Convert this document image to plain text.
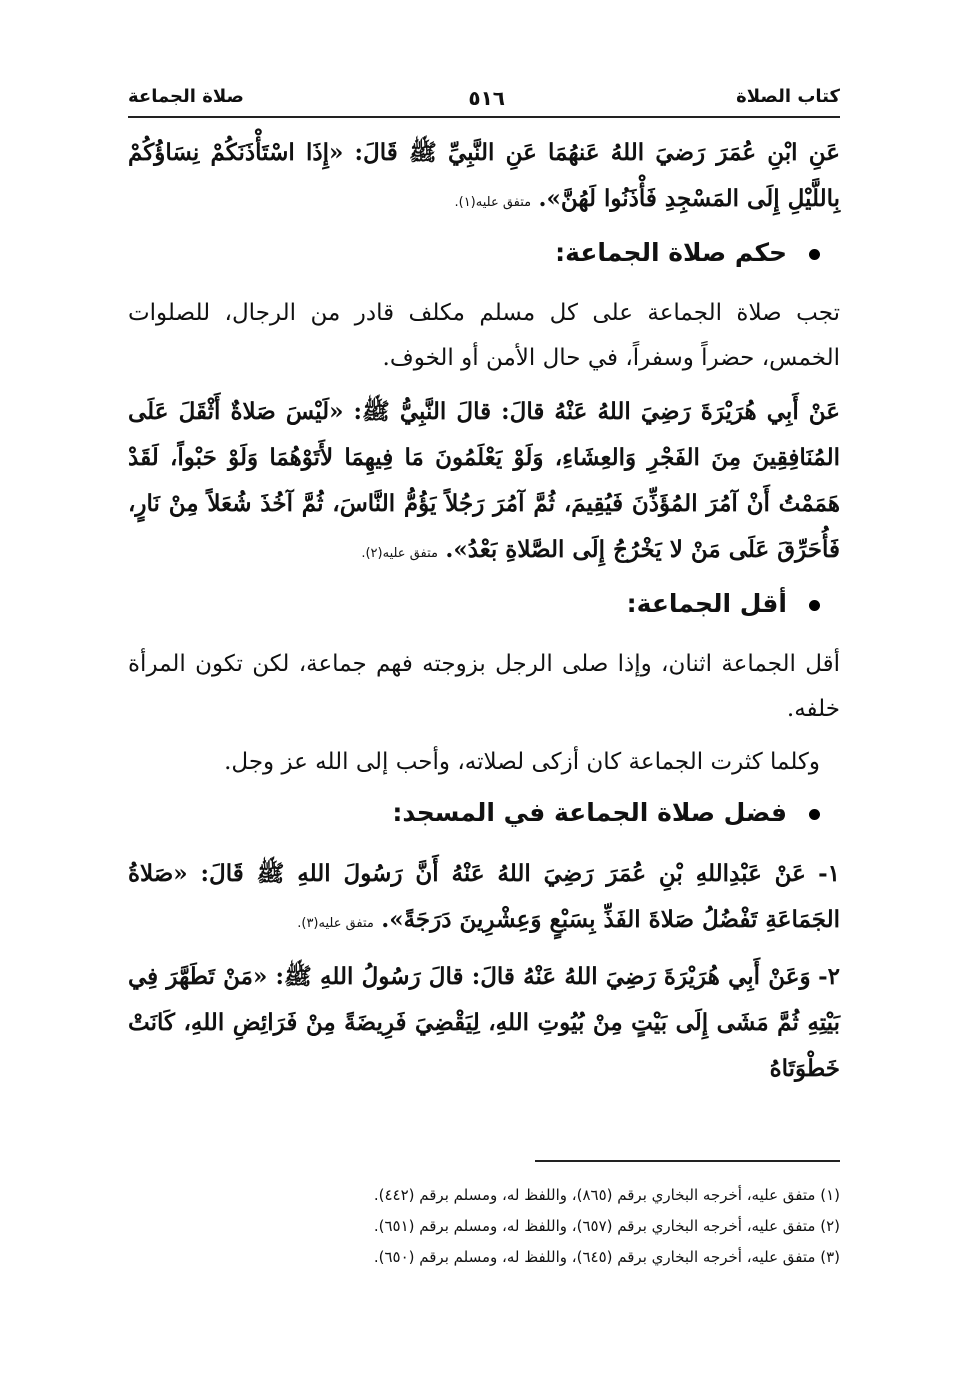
كتاب الصلاة
٥١٦
صلاة الجماعة

عَنِ ابْنِ عُمَرَ رَضيَ اللهُ عَنهُمَا عَنِ النَّبِيِّ ﷺ قَالَ: «إِذَا اسْتَأْذَنَكُمْ نِسَاؤُكُمْ بِاللَّيْلِ إِلَى المَسْجِدِ فَأْذَنُوا لَهُنَّ». متفق عليه(١).

حكم صلاة الجماعة:

تجب صلاة الجماعة على كل مسلم مكلف قادر من الرجال، للصلوات الخمس، حضراً وسفراً، في حال الأمن أو الخوف.

عَنْ أَبِي هُرَيْرَةَ رَضِيَ اللهُ عَنْهُ قالَ: قالَ النَّبِيُّ ﷺ: «لَيْسَ صَلاةٌ أَثْقَلَ عَلَى المُنَافِقِينَ مِنَ الفَجْرِ وَالعِشَاءِ، وَلَوْ يَعْلَمُونَ مَا فِيهِمَا لأَتَوْهُمَا وَلَوْ حَبْواً، لَقَدْ هَمَمْتُ أَنْ آمُرَ المُؤَذِّنَ فَيُقِيمَ، ثُمَّ آمُرَ رَجُلاً يَؤُمُّ النَّاسَ، ثُمَّ آخُذَ شُعَلاً مِنْ نَارٍ، فَأُحَرِّقَ عَلَى مَنْ لا يَخْرُجُ إِلَى الصَّلاةِ بَعْدُ». متفق عليه(٢).

أقل الجماعة:

أقل الجماعة اثنان، وإذا صلى الرجل بزوجته فهم جماعة، لكن تكون المرأة خلفه.

وكلما كثرت الجماعة كان أزكى لصلاته، وأحب إلى الله عز وجل.

فضل صلاة الجماعة في المسجد:

١- عَنْ عَبْدِاللهِ بْنِ عُمَرَ رَضِيَ اللهُ عَنْهُ أَنَّ رَسُولَ اللهِ ﷺ قَالَ: «صَلاةُ الجَمَاعَةِ تَفْضُلُ صَلاةَ الفَذِّ بِسَبْعٍ وَعِشْرِينَ دَرَجَةً». متفق عليه(٣).

٢- وَعَنْ أَبِي هُرَيْرَةَ رَضِيَ اللهُ عَنْهُ قالَ: قالَ رَسُولُ اللهِ ﷺ: «مَنْ تَطَهَّرَ فِي بَيْتِهِ ثُمَّ مَشَى إِلَى بَيْتٍ مِنْ بُيُوتِ اللهِ، لِيَقْضِيَ فَرِيضَةً مِنْ فَرَائِضِ اللهِ، كَانَتْ خَطْوَتَاهُ

(١) متفق عليه، أخرجه البخاري برقم (٨٦٥)، واللفظ له، ومسلم برقم (٤٤٢).
(٢) متفق عليه، أخرجه البخاري برقم (٦٥٧)، واللفظ له، ومسلم برقم (٦٥١).
(٣) متفق عليه، أخرجه البخاري برقم (٦٤٥)، واللفظ له، ومسلم برقم (٦٥٠).
